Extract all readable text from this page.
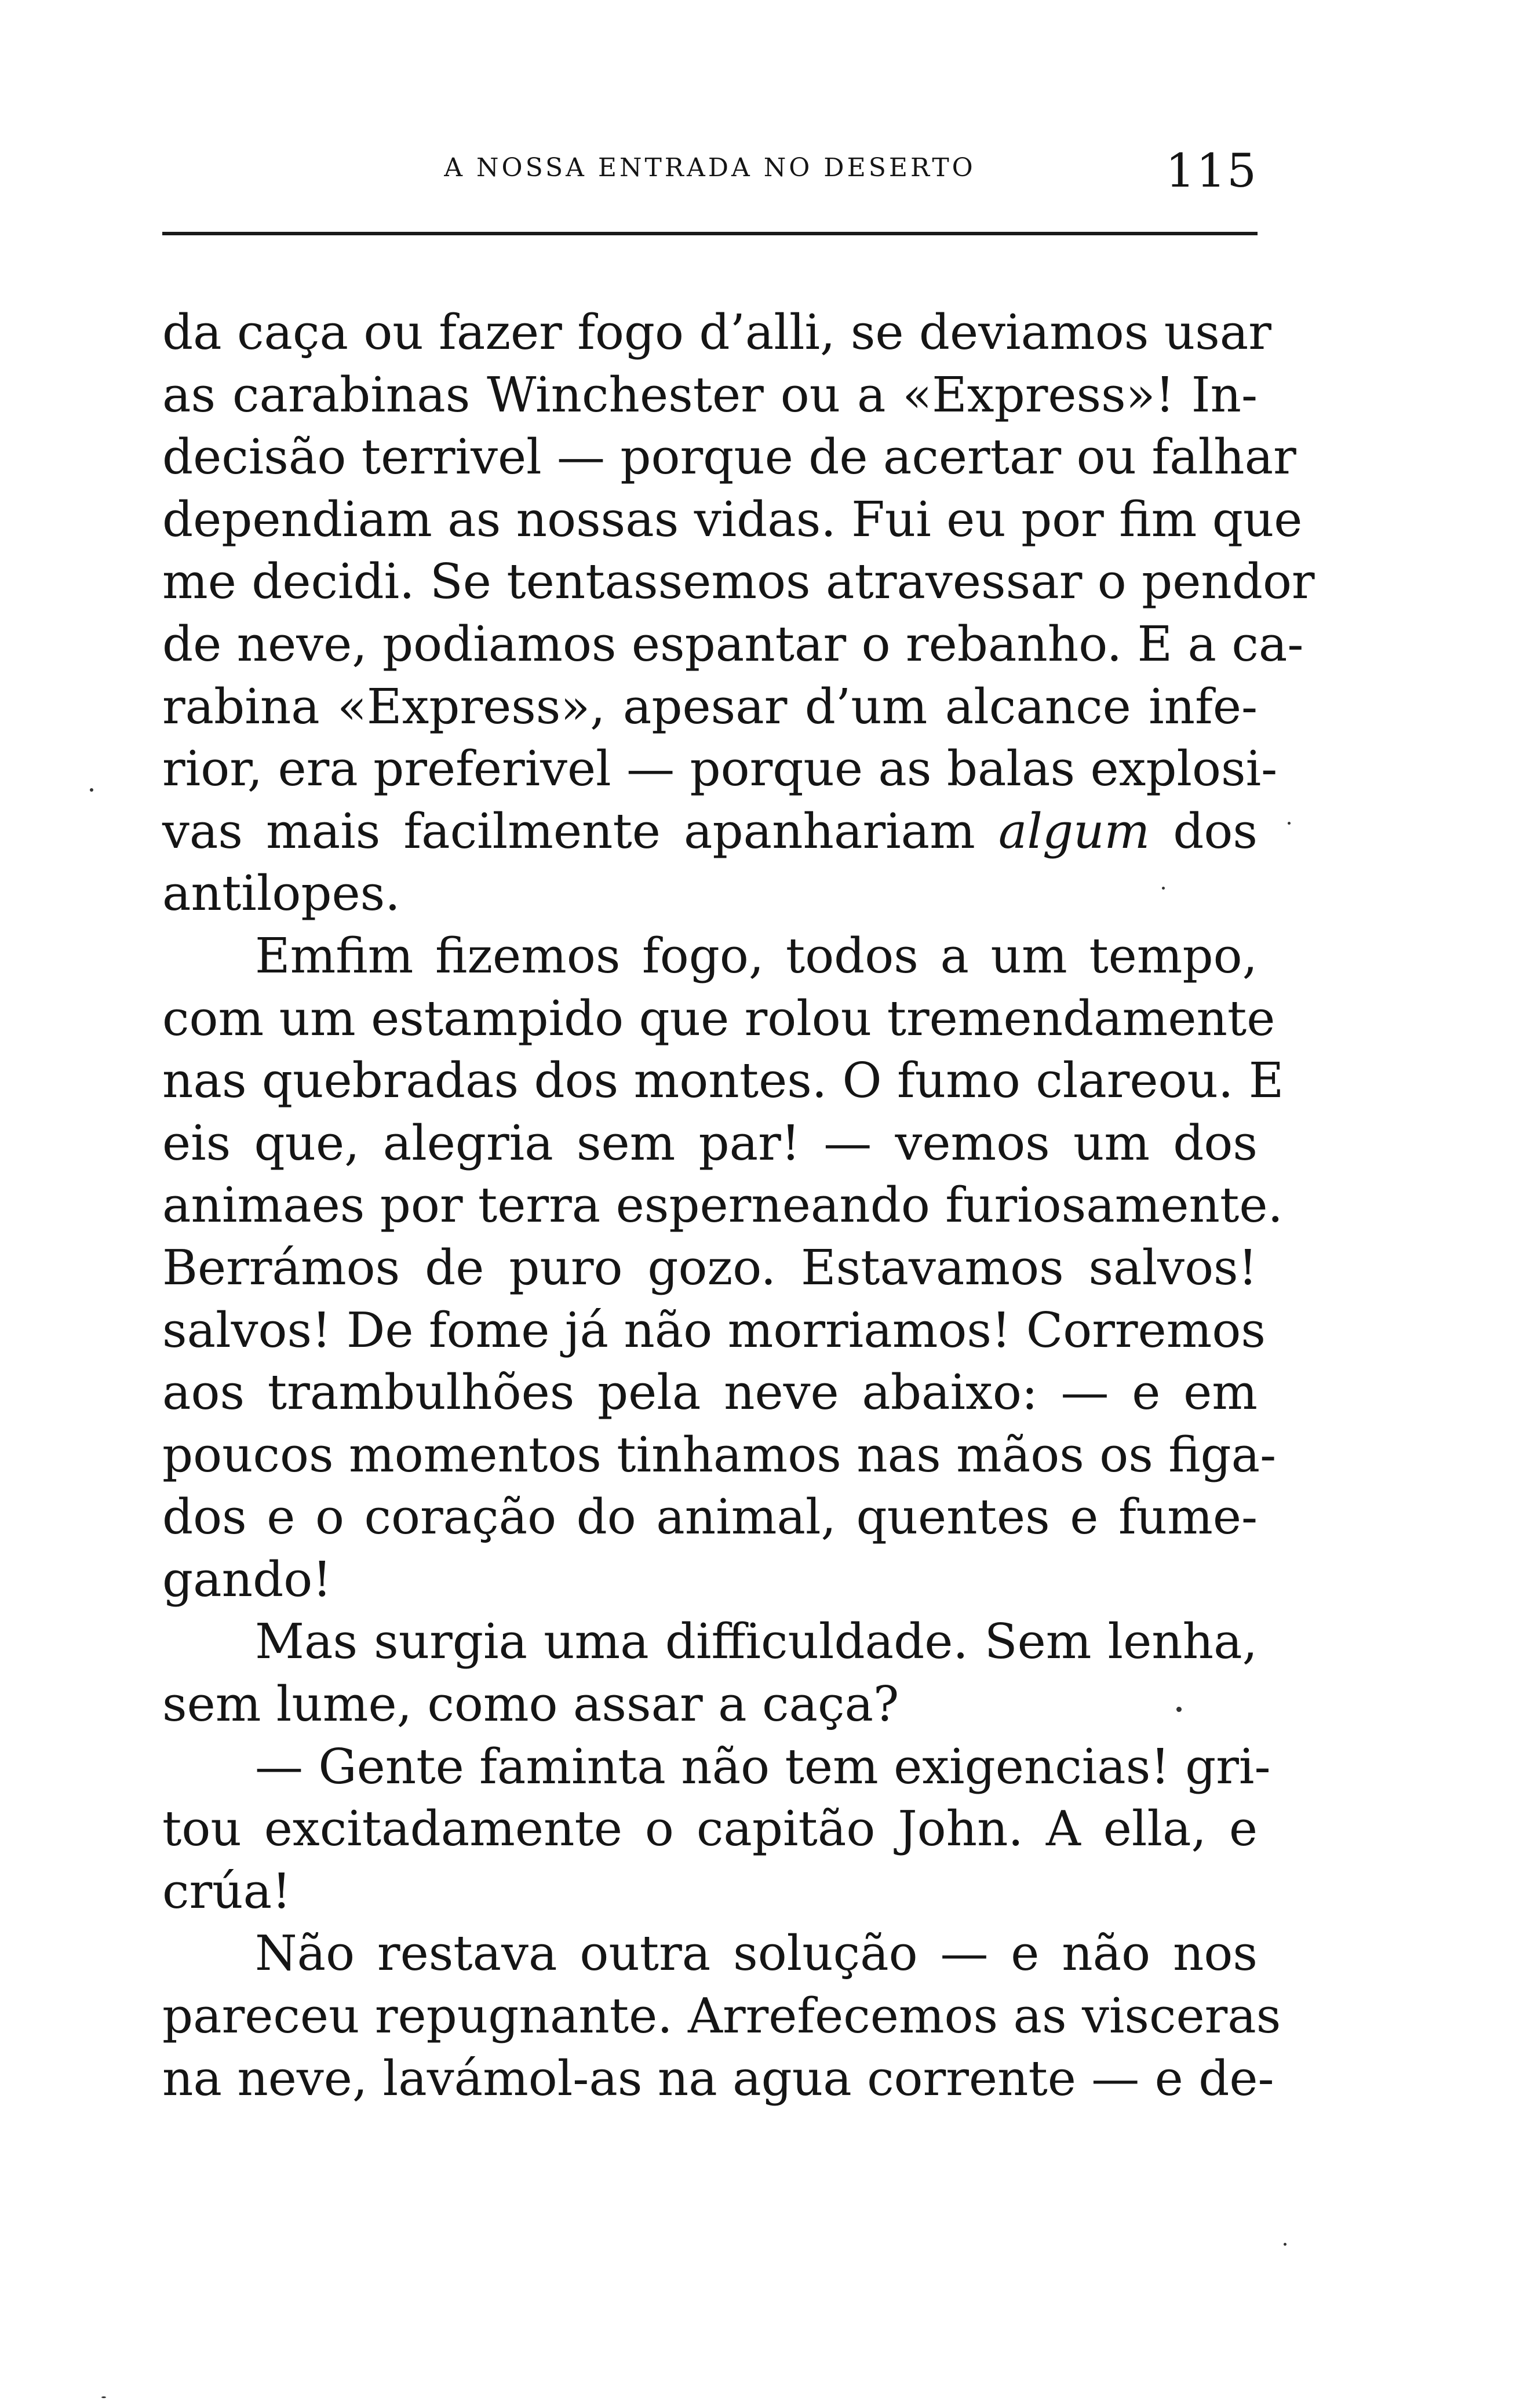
A NOSSA ENTRADA NO DESERTO	115
da caça ou fazer fogo d’alli, se deviamos usar
as carabinas Winchester ou a «Express»! In-
decisão terrivel — porque de acertar ou falhar
dependiam as nossas vidas. Fui eu por fim que
me decidi. Se tentassemos atravessar o pendor
de neve, podiamos espantar o rebanho. E a ca-
rabina «Express», apesar d’um alcance infe-
rior, era preferivel — porque as balas explosi-
vas mais facilmente apanhariam algum dos
antilopes.
Emfim fizemos fogo, todos a um tempo,
com um estampido que rolou tremendamente
nas quebradas dos montes. O fumo clareou. E
eis que, alegria sem par! — vemos um dos
animaes por terra esperneando furiosamente.
Berrámos de puro gozo. Estavamos salvos!
salvos! De fome já não morriamos! Corremos
aos trambulhões pela neve abaixo: — e em
poucos momentos tinhamos nas mãos os figa-
dos e o coração do animal, quentes e fume-
gando!
Mas surgia uma difficuldade. Sem lenha,
sem lume, como assar a caça?
— Gente faminta não tem exigencias! gri-
tou excitadamente o capitão John. A ella, e
crúa!
Não restava outra solução — e não nos
pareceu repugnante. Arrefecemos as visceras
na neve, lavámol-as na agua corrente — e de-
